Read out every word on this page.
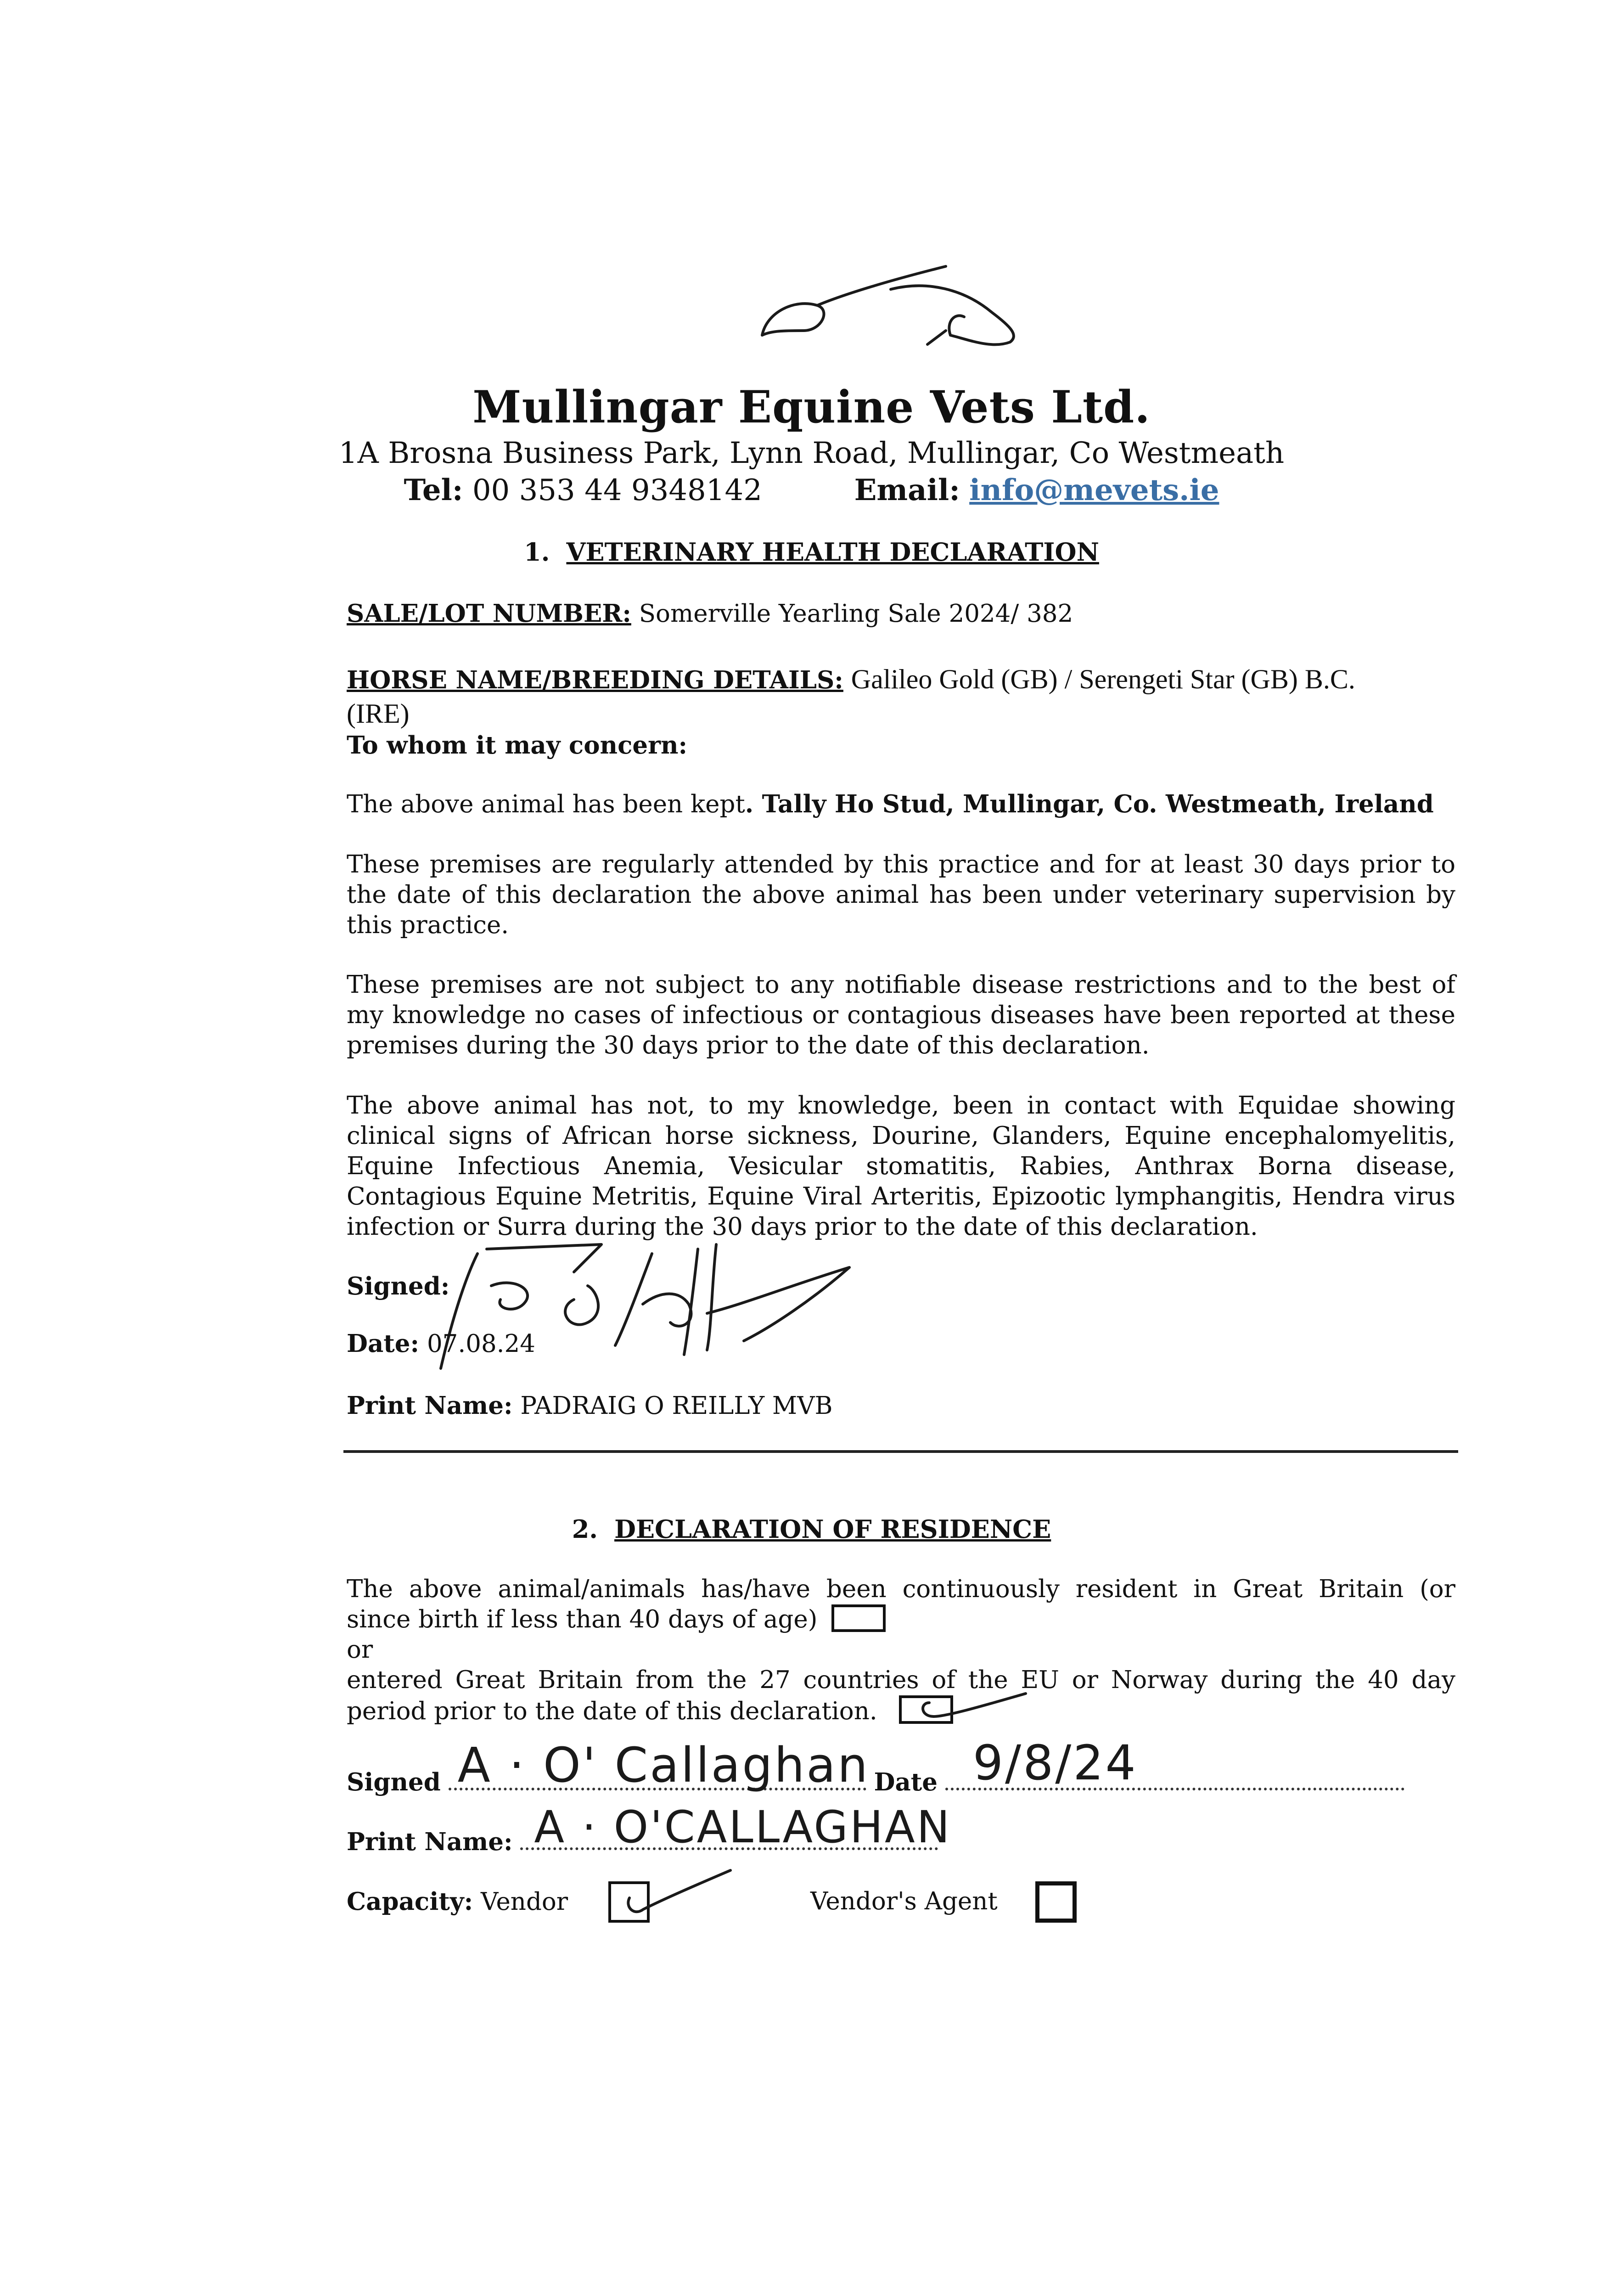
Mullingar Equine Vets Ltd.
1A Brosna Business Park, Lynn Road, Mullingar, Co Westmeath
Tel: 00 353 44 9348142	Email: info@mevets.ie
1. VETERINARY HEALTH DECLARATION
SALE/LOT NUMBER: Somerville Yearling Sale 2024/ 382
HORSE NAME/BREEDING DETAILS: Galileo Gold (GB) / Serengeti Star (GB) B.C.
(IRE)
To whom it may concern:
The above animal has been kept. Tally Ho Stud, Mullingar, Co. Westmeath, Ireland
These premises are regularly attended by this practice and for at least 30 days prior to the date of this declaration the above animal has been under veterinary supervision by this practice.
These premises are not subject to any notifiable disease restrictions and to the best of my knowledge no cases of infectious or contagious diseases have been reported at these premises during the 30 days prior to the date of this declaration.
The above animal has not, to my knowledge, been in contact with Equidae showing clinical signs of African horse sickness, Dourine, Glanders, Equine encephalomyelitis, Equine Infectious Anemia, Vesicular stomatitis, Rabies, Anthrax Borna disease, Contagious Equine Metritis, Equine Viral Arteritis, Epizootic lymphangitis, Hendra virus infection or Surra during the 30 days prior to the date of this declaration.
Signed:
Date: 07.08.24
Print Name: PADRAIG O REILLY MVB
2. DECLARATION OF RESIDENCE
The above animal/animals has/have been continuously resident in Great Britain (or
since birth if less than 40 days of age)
or
entered Great Britain from the 27 countries of the EU or Norway during the 40 day
period prior to the date of this declaration.
Signed A · O' Callaghan Date 9/8/24
Print Name: A · O'CALLAGHAN
Capacity: Vendor	Vendor's Agent
